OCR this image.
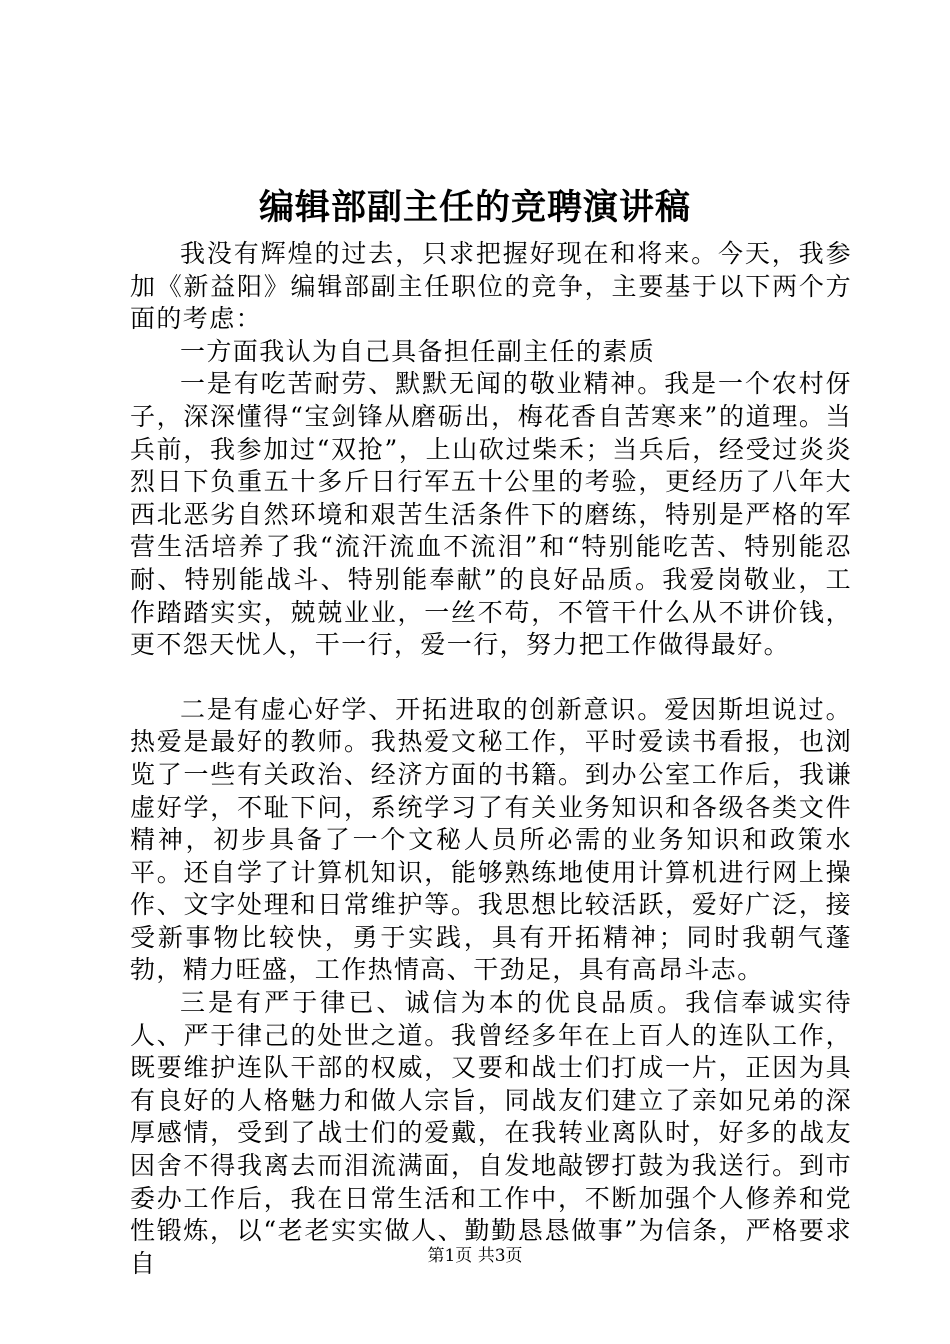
编辑部副主任的竞聘演讲稿

我没有辉煌的过去，只求把握好现在和将来。今天，我参加《新益阳》编辑部副主任职位的竞争，主要基于以下两个方面的考虑：

一方面我认为自己具备担任副主任的素质

一是有吃苦耐劳、默默无闻的敬业精神。我是一个农村伢子，深深懂得“宝剑锋从磨砺出，梅花香自苦寒来”的道理。当兵前，我参加过“双抢”，上山砍过柴禾；当兵后，经受过炎炎烈日下负重五十多斤日行军五十公里的考验，更经历了八年大西北恶劣自然环境和艰苦生活条件下的磨练，特别是严格的军营生活培养了我“流汗流血不流泪”和“特别能吃苦、特别能忍耐、特别能战斗、特别能奉献”的良好品质。我爱岗敬业，工作踏踏实实，兢兢业业，一丝不苟，不管干什么从不讲价钱，更不怨天忧人，干一行，爱一行，努力把工作做得最好。

二是有虚心好学、开拓进取的创新意识。爱因斯坦说过。热爱是最好的教师。我热爱文秘工作，平时爱读书看报，也浏览了一些有关政治、经济方面的书籍。到办公室工作后，我谦虚好学，不耻下问，系统学习了有关业务知识和各级各类文件精神，初步具备了一个文秘人员所必需的业务知识和政策水平。还自学了计算机知识，能够熟练地使用计算机进行网上操作、文字处理和日常维护等。我思想比较活跃，爱好广泛，接受新事物比较快，勇于实践，具有开拓精神；同时我朝气蓬勃，精力旺盛，工作热情高、干劲足，具有高昂斗志。

三是有严于律已、诚信为本的优良品质。我信奉诚实待人、严于律己的处世之道。我曾经多年在上百人的连队工作，既要维护连队干部的权威，又要和战士们打成一片，正因为具有良好的人格魅力和做人宗旨，同战友们建立了亲如兄弟的深厚感情，受到了战士们的爱戴，在我转业离队时，好多的战友因舍不得我离去而泪流满面，自发地敲锣打鼓为我送行。到市委办工作后，我在日常生活和工作中，不断加强个人修养和党性锻炼，以“老老实实做人、勤勤恳恳做事”为信条，严格要求自	第1页 共3页
